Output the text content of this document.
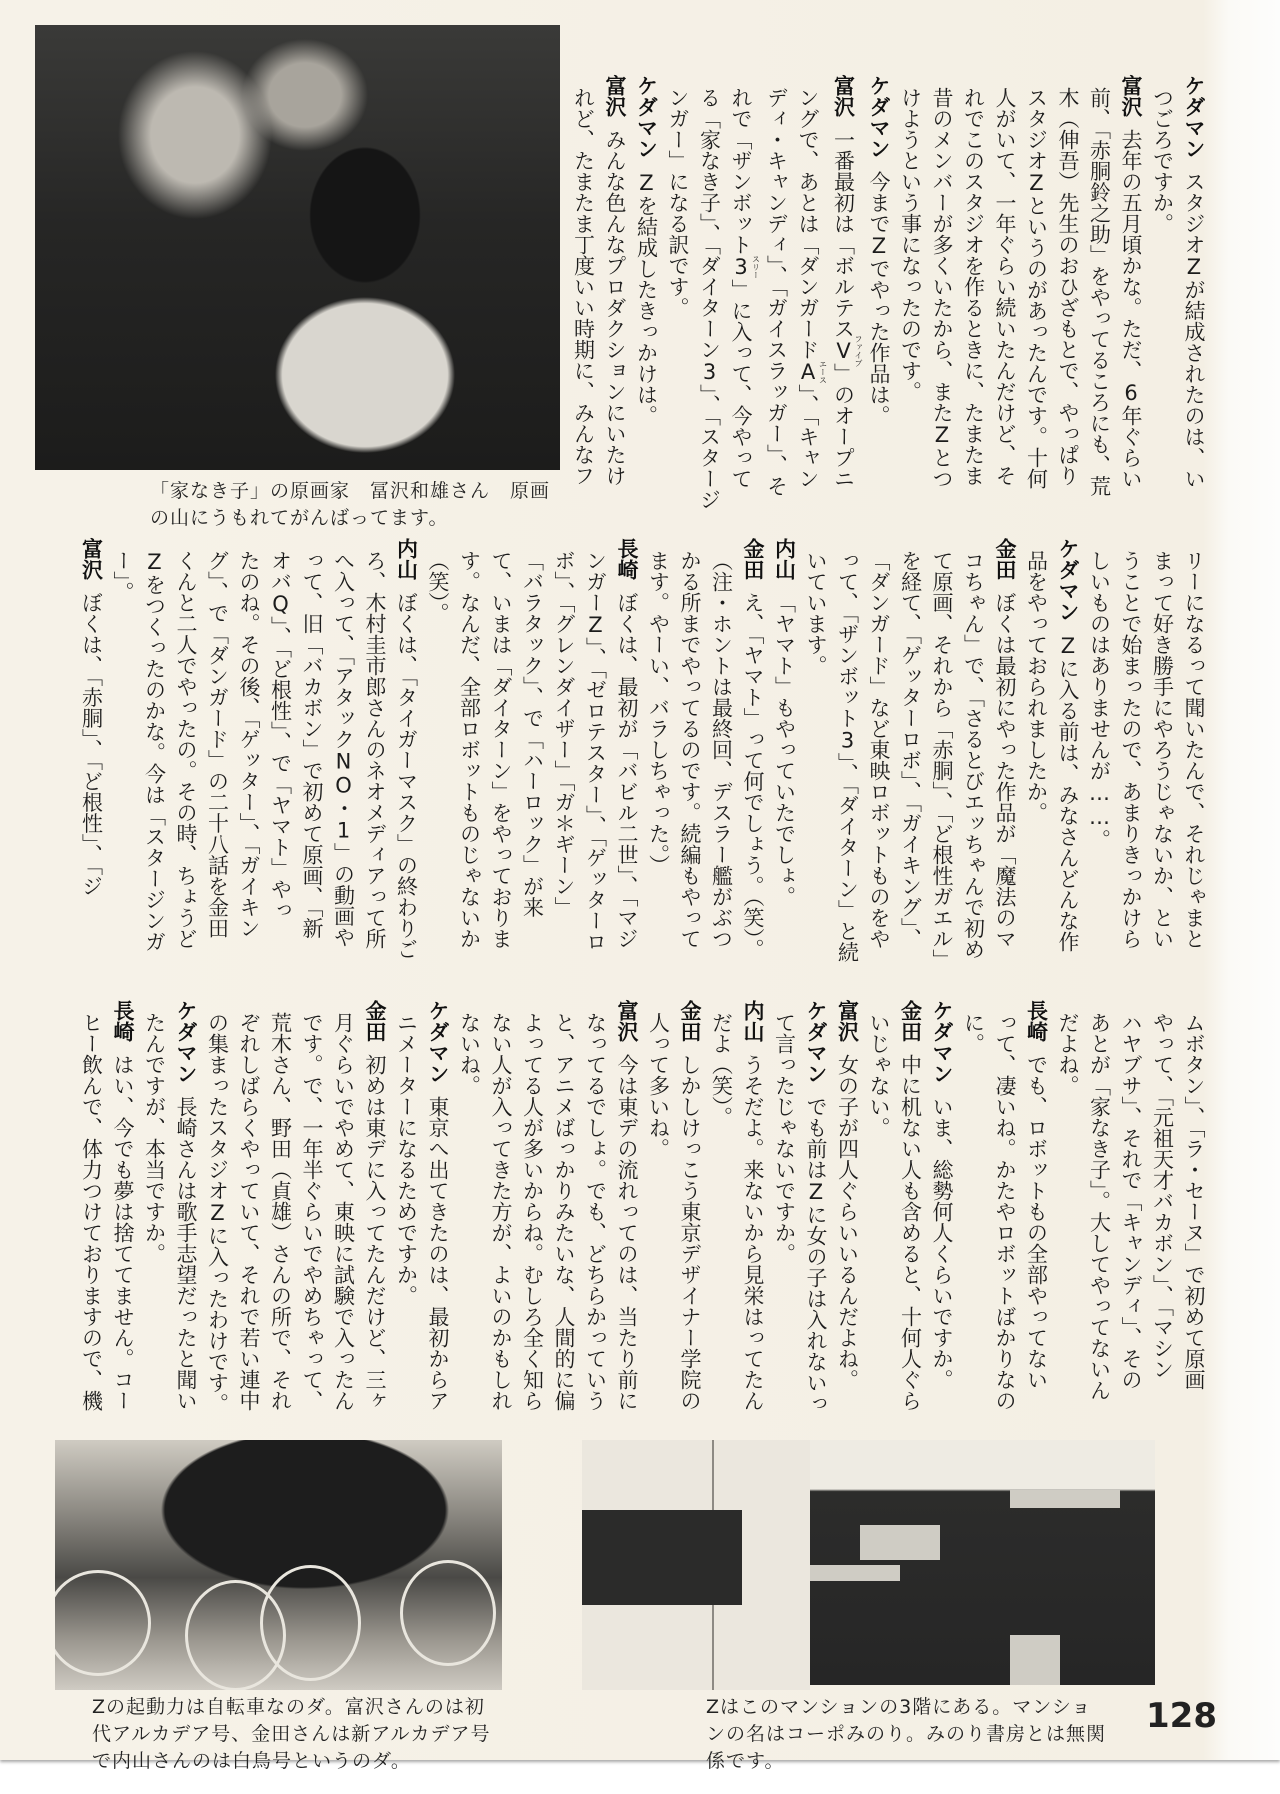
「家なき子」の原画家　冨沢和雄さん　原画
の山にうもれてがんばってます。
ケダマンスタジオZが結成されたのは、い
つごろですか。
富沢去年の五月頃かな。ただ、6年ぐらい
前、「赤胴鈴之助」をやってるころにも、荒
木（伸吾）先生のおひざもとで、やっぱり
スタジオZというのがあったんです。十何
人がいて、一年ぐらい続いたんだけど、そ
れでこのスタジオを作るときに、たまたま
昔のメンバーが多くいたから、またZとつ
けようという事になったのです。
ケダマン今までZでやった作品は。
富沢一番最初は「ボルテスVファイブ」のオープニ
ングで、あとは「ダンガードAエース」、「キャン
ディ・キャンディ」、「ガイスラッガー」、そ
れで「ザンボット3スリー」に入って、今やって
る「家なき子」、「ダイターン3」、「スタージ
ンガー」になる訳です。
ケダマンZを結成したきっかけは。
富沢みんな色んなプロダクションにいたけ
れど、たまたま丁度いい時期に、みんなフ
リーになるって聞いたんで、それじゃまと
まって好き勝手にやろうじゃないか、とい
うことで始まったので、あまりきっかけら
しいものはありませんが……。
ケダマンZに入る前は、みなさんどんな作
品をやっておられましたか。
金田ぼくは最初にやった作品が「魔法のマ
コちゃん」で、「さるとびエッちゃんで初め
て原画、それから「赤胴」、「ど根性ガエル」
を経て、「ゲッターロボ」、「ガイキング」、
「ダンガード」など東映ロボットものをや
って、「ザンボット3」、「ダイターン」と続
いています。
内山「ヤマト」もやっていたでしょ。
金田え、「ヤマト」って何でしょう。（笑）。
（注・ホントは最終回、デスラー艦がぶつ
かる所までやってるのです。続編もやって
ます。やーい、バラしちゃった。）
長崎ぼくは、最初が「バビル二世」、「マジ
ンガーZ」、「ゼロテスター」、「ゲッターロ
ボ」、「グレンダイザー」「ガ＊ギーン」
「バラタック」、で「ハーロック」が来
て、いまは「ダイターン」をやっておりま
す。なんだ、全部ロボットものじゃないか
（笑）。
内山ぼくは、「タイガーマスク」の終わりご
ろ、木村圭市郎さんのネオメディアって所
へ入って、「アタックNO・1」の動画や
って、旧「バカボン」で初めて原画、「新
オバQ」、「ど根性」、で「ヤマト」やっ
たのね。その後、「ゲッター」、「ガイキン
グ」、で「ダンガード」の二十八話を金田
くんと二人でやったの。その時、ちょうど
Zをつくったのかな。今は「スタージンガ
ー」。
富沢ぼくは、「赤胴」、「ど根性」、「ジ
ムボタン」、「ラ・セーヌ」で初めて原画
やって、「元祖天才バカボン」、「マシン
ハヤブサ」、それで「キャンディ」、その
あとが「家なき子」。大してやってないん
だよね。
長崎でも、ロボットもの全部やってない
って、凄いね。かたやロボットばかりなの
に。
ケダマンいま、総勢何人くらいですか。
金田中に机ない人も含めると、十何人ぐら
いじゃない。
富沢女の子が四人ぐらいいるんだよね。
ケダマンでも前はZに女の子は入れないっ
て言ったじゃないですか。
内山うそだよ。来ないから見栄はってたん
だよ（笑）。
金田しかしけっこう東京デザイナー学院の
人って多いね。
富沢今は東デの流れってのは、当たり前に
なってるでしょ。でも、どちらかっていう
と、アニメばっかりみたいな、人間的に偏
よってる人が多いからね。むしろ全く知ら
ない人が入ってきた方が、よいのかもしれ
ないね。
ケダマン東京へ出てきたのは、最初からア
ニメーターになるためですか。
金田初めは東デに入ってたんだけど、三ヶ
月ぐらいでやめて、東映に試験で入ったん
です。で、一年半ぐらいでやめちゃって、
荒木さん、野田（貞雄）さんの所で、それ
ぞれしばらくやっていて、それで若い連中
の集まったスタジオZに入ったわけです。
ケダマン長崎さんは歌手志望だったと聞い
たんですが、本当ですか。
長崎はい、今でも夢は捨ててません。コー
ヒー飲んで、体力つけておりますので、機
Zの起動力は自転車なのダ。富沢さんのは初
代アルカデア号、金田さんは新アルカデア号
で内山さんのは白鳥号というのダ。
Zはこのマンションの3階にある。マンショ
ンの名はコーポみのり。みのり書房とは無関
係です。
128
